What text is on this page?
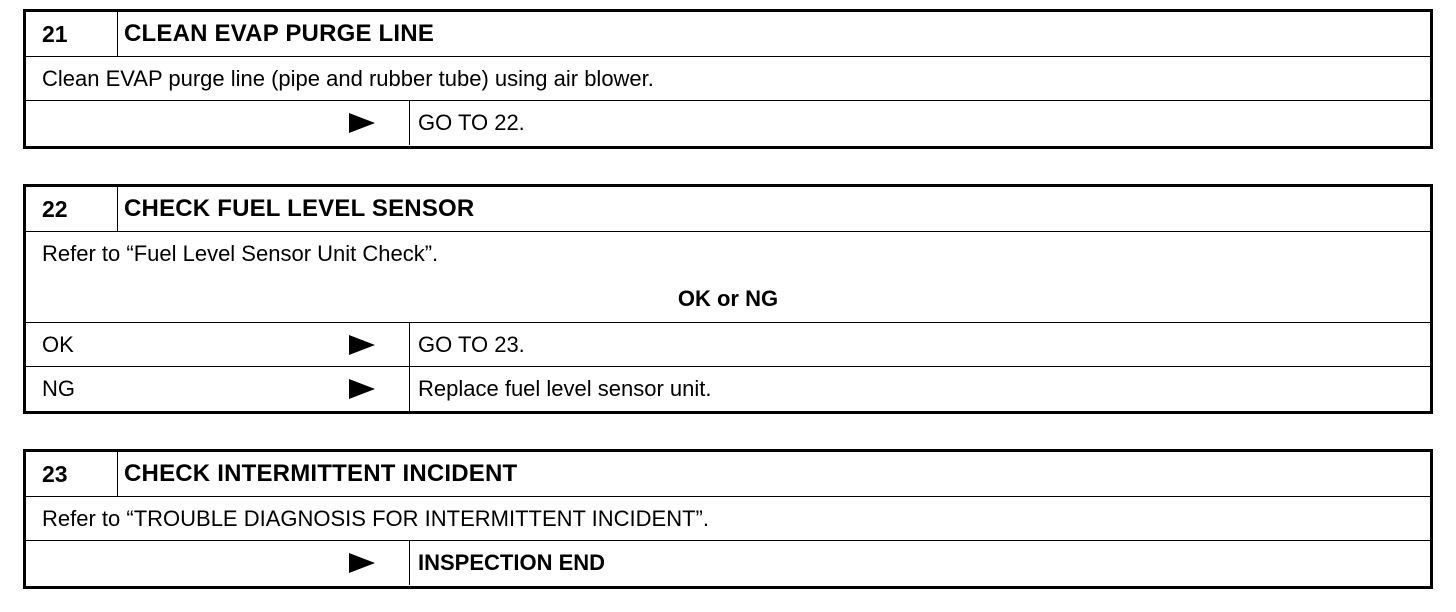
21	CLEAN EVAP PURGE LINE
Clean EVAP purge line (pipe and rubber tube) using air blower.
GO TO 22.
22	CHECK FUEL LEVEL SENSOR
Refer to “Fuel Level Sensor Unit Check”.
OK or NG
OK	GO TO 23.
NG	Replace fuel level sensor unit.
23	CHECK INTERMITTENT INCIDENT
Refer to “TROUBLE DIAGNOSIS FOR INTERMITTENT INCIDENT”.
INSPECTION END
